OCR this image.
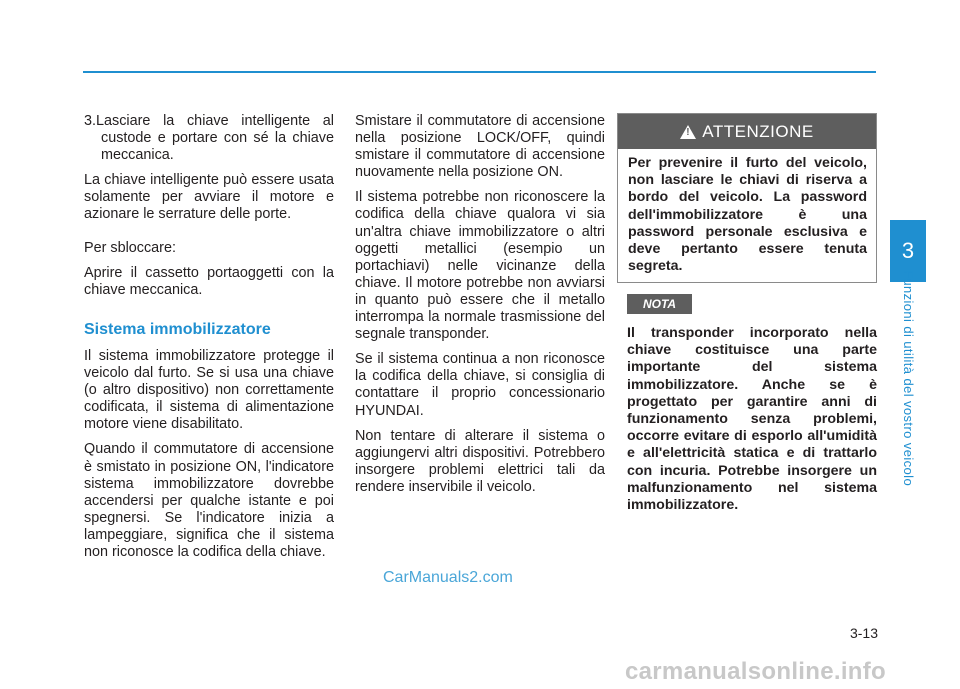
3.Lasciare la chiave intelligente al custode e portare con sé la chiave meccanica.

La chiave intelligente può essere usata solamente per avviare il motore e azionare le serrature delle porte.

Per sbloccare:

Aprire il cassetto portaoggetti con la chiave meccanica.

Sistema immobilizzatore

Il sistema immobilizzatore protegge il veicolo dal furto. Se si usa una chiave (o altro dispositivo) non correttamente codificata, il sistema di alimentazione motore viene disabilitato.

Quando il commutatore di accensione è smistato in posizione ON, l'indicatore sistema immobilizzatore dovrebbe accendersi per qualche istante e poi spegnersi. Se l'indicatore inizia a lampeggiare, significa che il sistema non riconosce la codifica della chiave.

Smistare il commutatore di accensione nella posizione LOCK/OFF, quindi smistare il commutatore di accensione nuovamente nella posizione ON.

Il sistema potrebbe non riconoscere la codifica della chiave qualora vi sia un'altra chiave immobilizzatore o altri oggetti metallici (esempio un portachiavi) nelle vicinanze della chiave. Il motore potrebbe non avviarsi in quanto può essere che il metallo interrompa la normale trasmissione del segnale transponder.

Se il sistema continua a non riconosce la codifica della chiave, si consiglia di contattare il proprio concessionario HYUNDAI.

Non tentare di alterare il sistema o aggiungervi altri dispositivi. Potrebbero insorgere problemi elettrici tali da rendere inservibile il veicolo.

! ATTENZIONE
Per prevenire il furto del veicolo, non lasciare le chiavi di riserva a bordo del veicolo. La password dell'immobilizzatore è una password personale esclusiva e deve pertanto essere tenuta segreta.
NOTA

Il transponder incorporato nella chiave costituisce una parte importante del sistema immobilizzatore. Anche se è progettato per garantire anni di funzionamento senza problemi, occorre evitare di esporlo all'umidità e all'elettricità statica e di trattarlo con incuria. Potrebbe insorgere un malfunzionamento nel sistema immobilizzatore.

3
Funzioni di utilità del vostro veicolo
3-13
CarManuals2.com
carmanualsonline.info
